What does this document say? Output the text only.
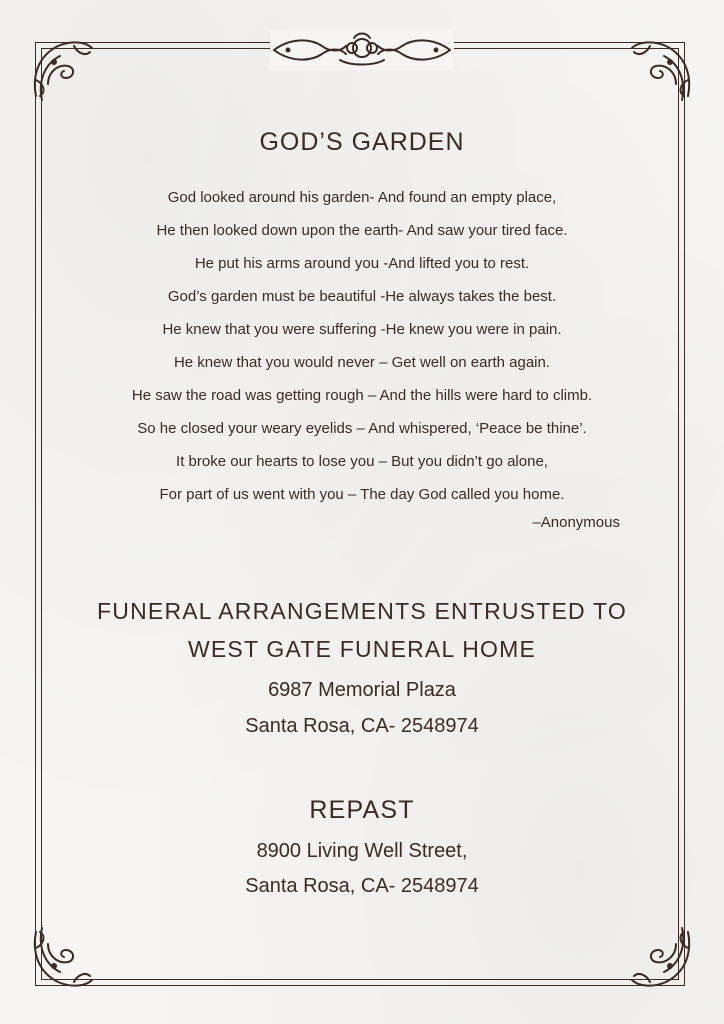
GOD’S GARDEN
God looked around his garden- And found an empty place,
He then looked down upon the earth- And saw your tired face.
He put his arms around you -And lifted you to rest.
God’s garden must be beautiful -He always takes the best.
He knew that you were suffering -He knew you were in pain.
He knew that you would never – Get well on earth again.
He saw the road was getting rough – And the hills were hard to climb.
So he closed your weary eyelids – And whispered, ‘Peace be thine’.
It broke our hearts to lose you – But you didn’t go alone,
For part of us went with you – The day God called you home.
–Anonymous
FUNERAL ARRANGEMENTS ENTRUSTED TO
WEST GATE FUNERAL HOME
6987 Memorial Plaza
Santa Rosa, CA- 2548974
REPAST
8900 Living Well Street,
Santa Rosa, CA- 2548974
